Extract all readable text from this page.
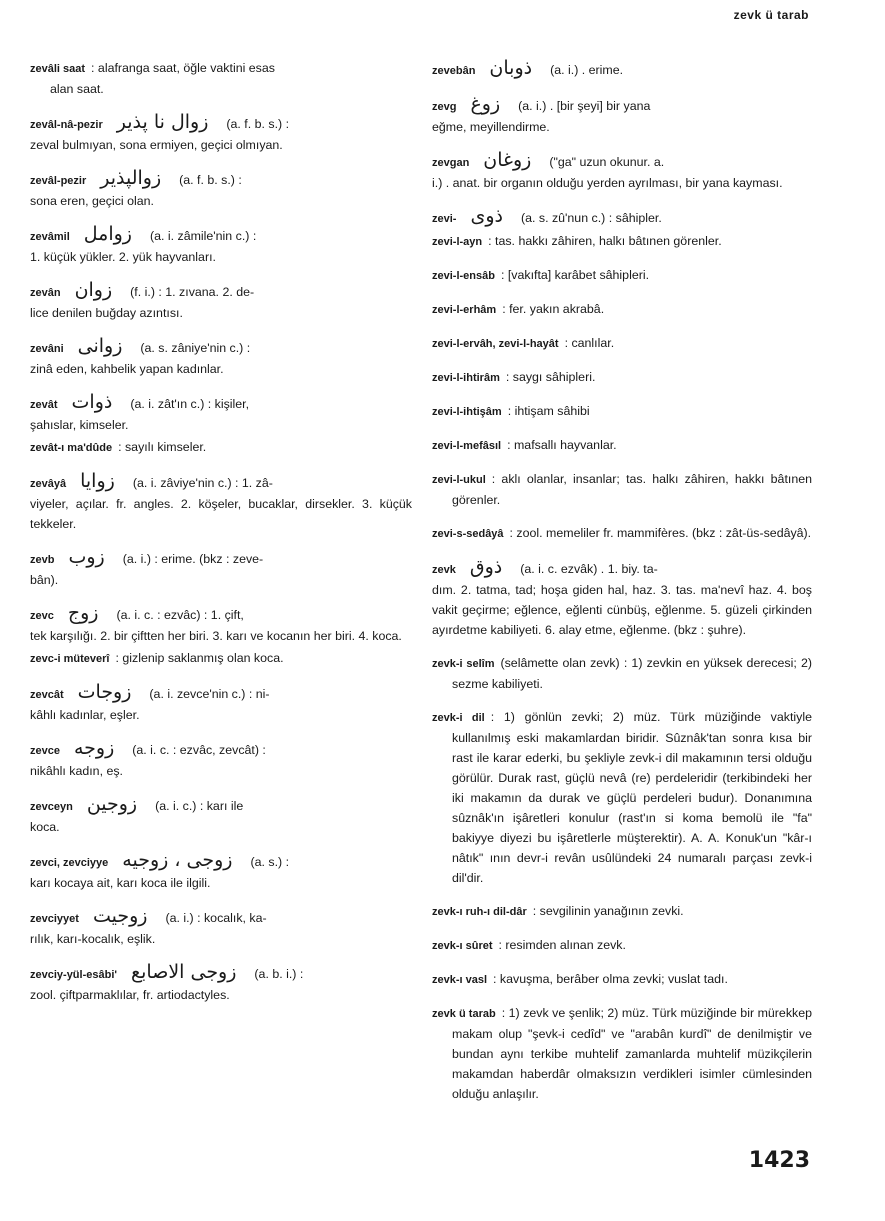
zevk ü tarab
zevâli saat : alafranga saat, öğle vaktini esas
alan saat.
zevâl-nâ-pezir زوال نا پذیر (a. f. b. s.) :
zeval bulmıyan, sona ermiyen, geçici olmıyan.
zevâl-pezir زوالپذیر (a. f. b. s.) :
sona eren, geçici olan.
zevâmil زوامل (a. i. zâmile'nin c.) :
1. küçük yükler. 2. yük hayvanları.
zevân زوان (f. i.) : 1. zıvana. 2. de-
lice denilen buğday azıntısı.
zevâni زوانی (a. s. zâniye'nin c.) :
zinâ eden, kahbelik yapan kadınlar.
zevât ذوات (a. i. zât'ın c.) : kişiler,
şahıslar, kimseler.
zevât-ı ma'dûde : sayılı kimseler.
zevâyâ زوايا (a. i. zâviye'nin c.) : 1. zâ-
viyeler, açılar. fr. angles. 2. köşeler, bucaklar, dirsekler. 3. küçük tekkeler.
zevb زوب (a. i.) : erime. (bkz : zeve-
bân).
zevc زوج (a. i. c. : ezvâc) : 1. çift,
tek karşılığı. 2. bir çiftten her biri. 3. karı ve kocanın her biri. 4. koca.
zevc-i müteverî : gizlenip saklanmış olan koca.
zevcât زوجات (a. i. zevce'nin c.) : ni-
kâhlı kadınlar, eşler.
zevce زوجه (a. i. c. : ezvâc, zevcât) :
nikâhlı kadın, eş.
zevceyn زوجين (a. i. c.) : karı ile
koca.
zevci, zevciyye زوجى ، زوجيه (a. s.) :
karı kocaya ait, karı koca ile ilgili.
zevciyyet زوجيت (a. i.) : kocalık, ka-
rılık, karı-kocalık, eşlik.
zevciy-yül-esâbi' زوجى الاصابع (a. b. i.) :
zool. çiftparmaklılar, fr. artiodactyles.
zevebân ذوبان (a. i.) . erime.
zevg زوغ (a. i.) . [bir şeyi] bir yana
eğme, meyillendirme.
zevgan زوغان ("ga" uzun okunur. a.
i.) . anat. bir organın olduğu yerden ayrılması, bir yana kayması.
zevi- ذوى (a. s. zû'nun c.) : sâhipler.
zevi-l-ayn : tas. hakkı zâhiren, halkı bâtınen görenler.
zevi-l-ensâb : [vakıfta] karâbet sâhipleri.
zevi-l-erhâm : fer. yakın akrabâ.
zevi-l-ervâh, zevi-l-hayât : canlılar.
zevi-l-ihtirâm : saygı sâhipleri.
zevi-l-ihtişâm : ihtişam sâhibi
zevi-l-mefâsıl : mafsallı hayvanlar.
zevi-l-ukul : aklı olanlar, insanlar; tas. halkı zâhiren, hakkı bâtınen görenler.
zevi-s-sedâyâ : zool. memeliler fr. mammifères. (bkz : zât-üs-sedâyâ).
zevk ذوق (a. i. c. ezvâk) . 1. biy. ta-
dım. 2. tatma, tad; hoşa giden hal, haz. 3. tas. ma'nevî haz. 4. boş vakit geçirme; eğlence, eğlenti cünbüş, eğlenme. 5. güzeli çirkinden ayırdetme kabiliyeti. 6. alay etme, eğlenme. (bkz : şuhre).
zevk-i selîm (selâmette olan zevk) : 1) zevkin en yüksek derecesi; 2) sezme kabiliyeti.
zevk-i dil : 1) gönlün zevki; 2) müz. Türk müziğinde vaktiyle kullanılmış eski makamlardan biridir. Sûznâk'tan sonra kısa bir rast ile karar ederki, bu şekliyle zevk-i dil makamının tersi olduğu görülür. Durak rast, güçlü nevâ (re) perdeleridir (terkibindeki her iki makamın da durak ve güçlü perdeleri budur). Donanımına sûznâk'ın işâretleri konulur (rast'ın si koma bemolü ile "fa" bakiyye diyezi bu işâretlerle müşterektir). A. A. Konuk'un "kâr-ı nâtık" ının devr-i revân usûlündeki 24 numaralı parçası zevk-i dil'dir.
zevk-ı ruh-ı dil-dâr : sevgilinin yanağının zevki.
zevk-ı sûret : resimden alınan zevk.
zevk-ı vasl : kavuşma, berâber olma zevki; vuslat tadı.
zevk ü tarab : 1) zevk ve şenlik; 2) müz. Türk müziğinde bir mürekkep makam olup "şevk-i cedîd" ve "arabân kurdî" de denilmiştir ve bundan aynı terkibe muhtelif zamanlarda muhtelif müzikçilerin makamdan haberdâr olmaksızın verdikleri isimler cümlesinden olduğu anlaşılır.
1423
